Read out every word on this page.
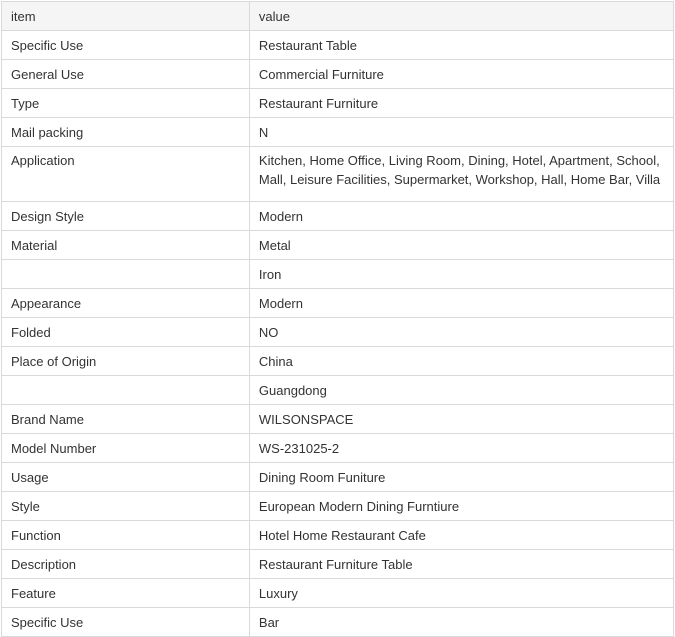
item	value
Specific Use	Restaurant Table
General Use	Commercial Furniture
Type	Restaurant Furniture
Mail packing	N
Application	Kitchen, Home Office, Living Room, Dining, Hotel, Apartment, School, Mall, Leisure Facilities, Supermarket, Workshop, Hall, Home Bar, Villa
Design Style	Modern
Material	Metal
	Iron
Appearance	Modern
Folded	NO
Place of Origin	China
	Guangdong
Brand Name	WILSONSPACE
Model Number	WS-231025-2
Usage	Dining Room Funiture
Style	European Modern Dining Furntiure
Function	Hotel Home Restaurant Cafe
Description	Restaurant Furniture Table
Feature	Luxury
Specific Use	Bar
